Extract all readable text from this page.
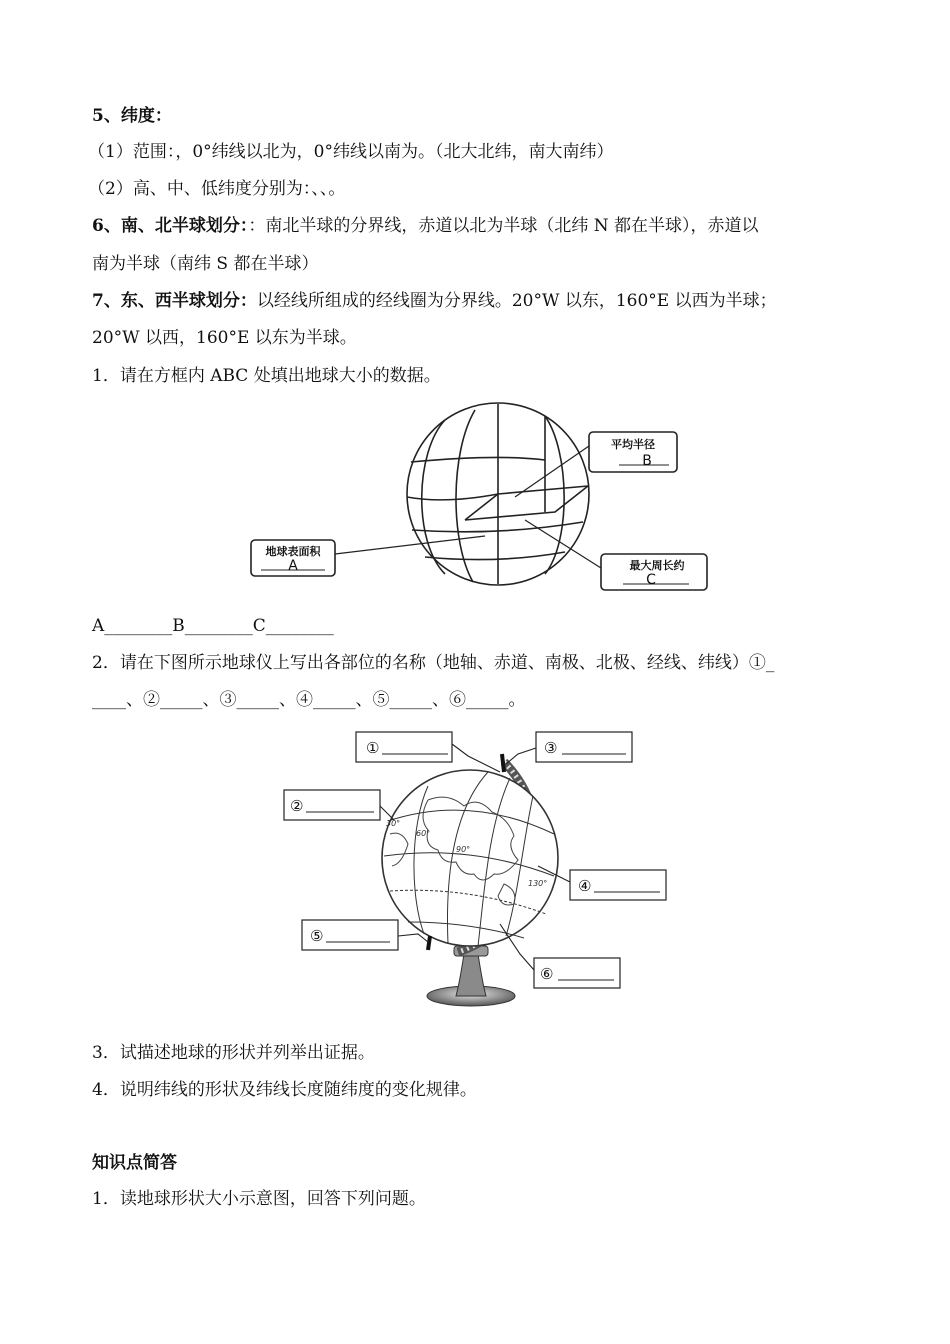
5、纬度：
（1）范围：，0°纬线以北为，0°纬线以南为。（北大北纬，南大南纬）
（2）高、中、低纬度分别为：、、。
6、南、北半球划分：：南北半球的分界线，赤道以北为半球（北纬 N 都在半球），赤道以
南为半球（南纬 S 都在半球）
7、东、西半球划分：以经线所组成的经线圈为分界线。20°W 以东，160°E 以西为半球；
20°W 以西，160°E 以东为半球。
1．请在方框内 ABC 处填出地球大小的数据。
平均半径
B
地球表面积
A	最大周长约
C
A________B________C________
2．请在下图所示地球仪上写出各部位的名称（地轴、赤道、南极、北极、经线、纬线）①_
____、②_____、③_____、④_____、⑤_____、⑥_____。
60°
90°
30°
130°
①	③
②
④
⑤
⑥
3．试描述地球的形状并列举出证据。
4．说明纬线的形状及纬线长度随纬度的变化规律。
知识点简答
1．读地球形状大小示意图，回答下列问题。
